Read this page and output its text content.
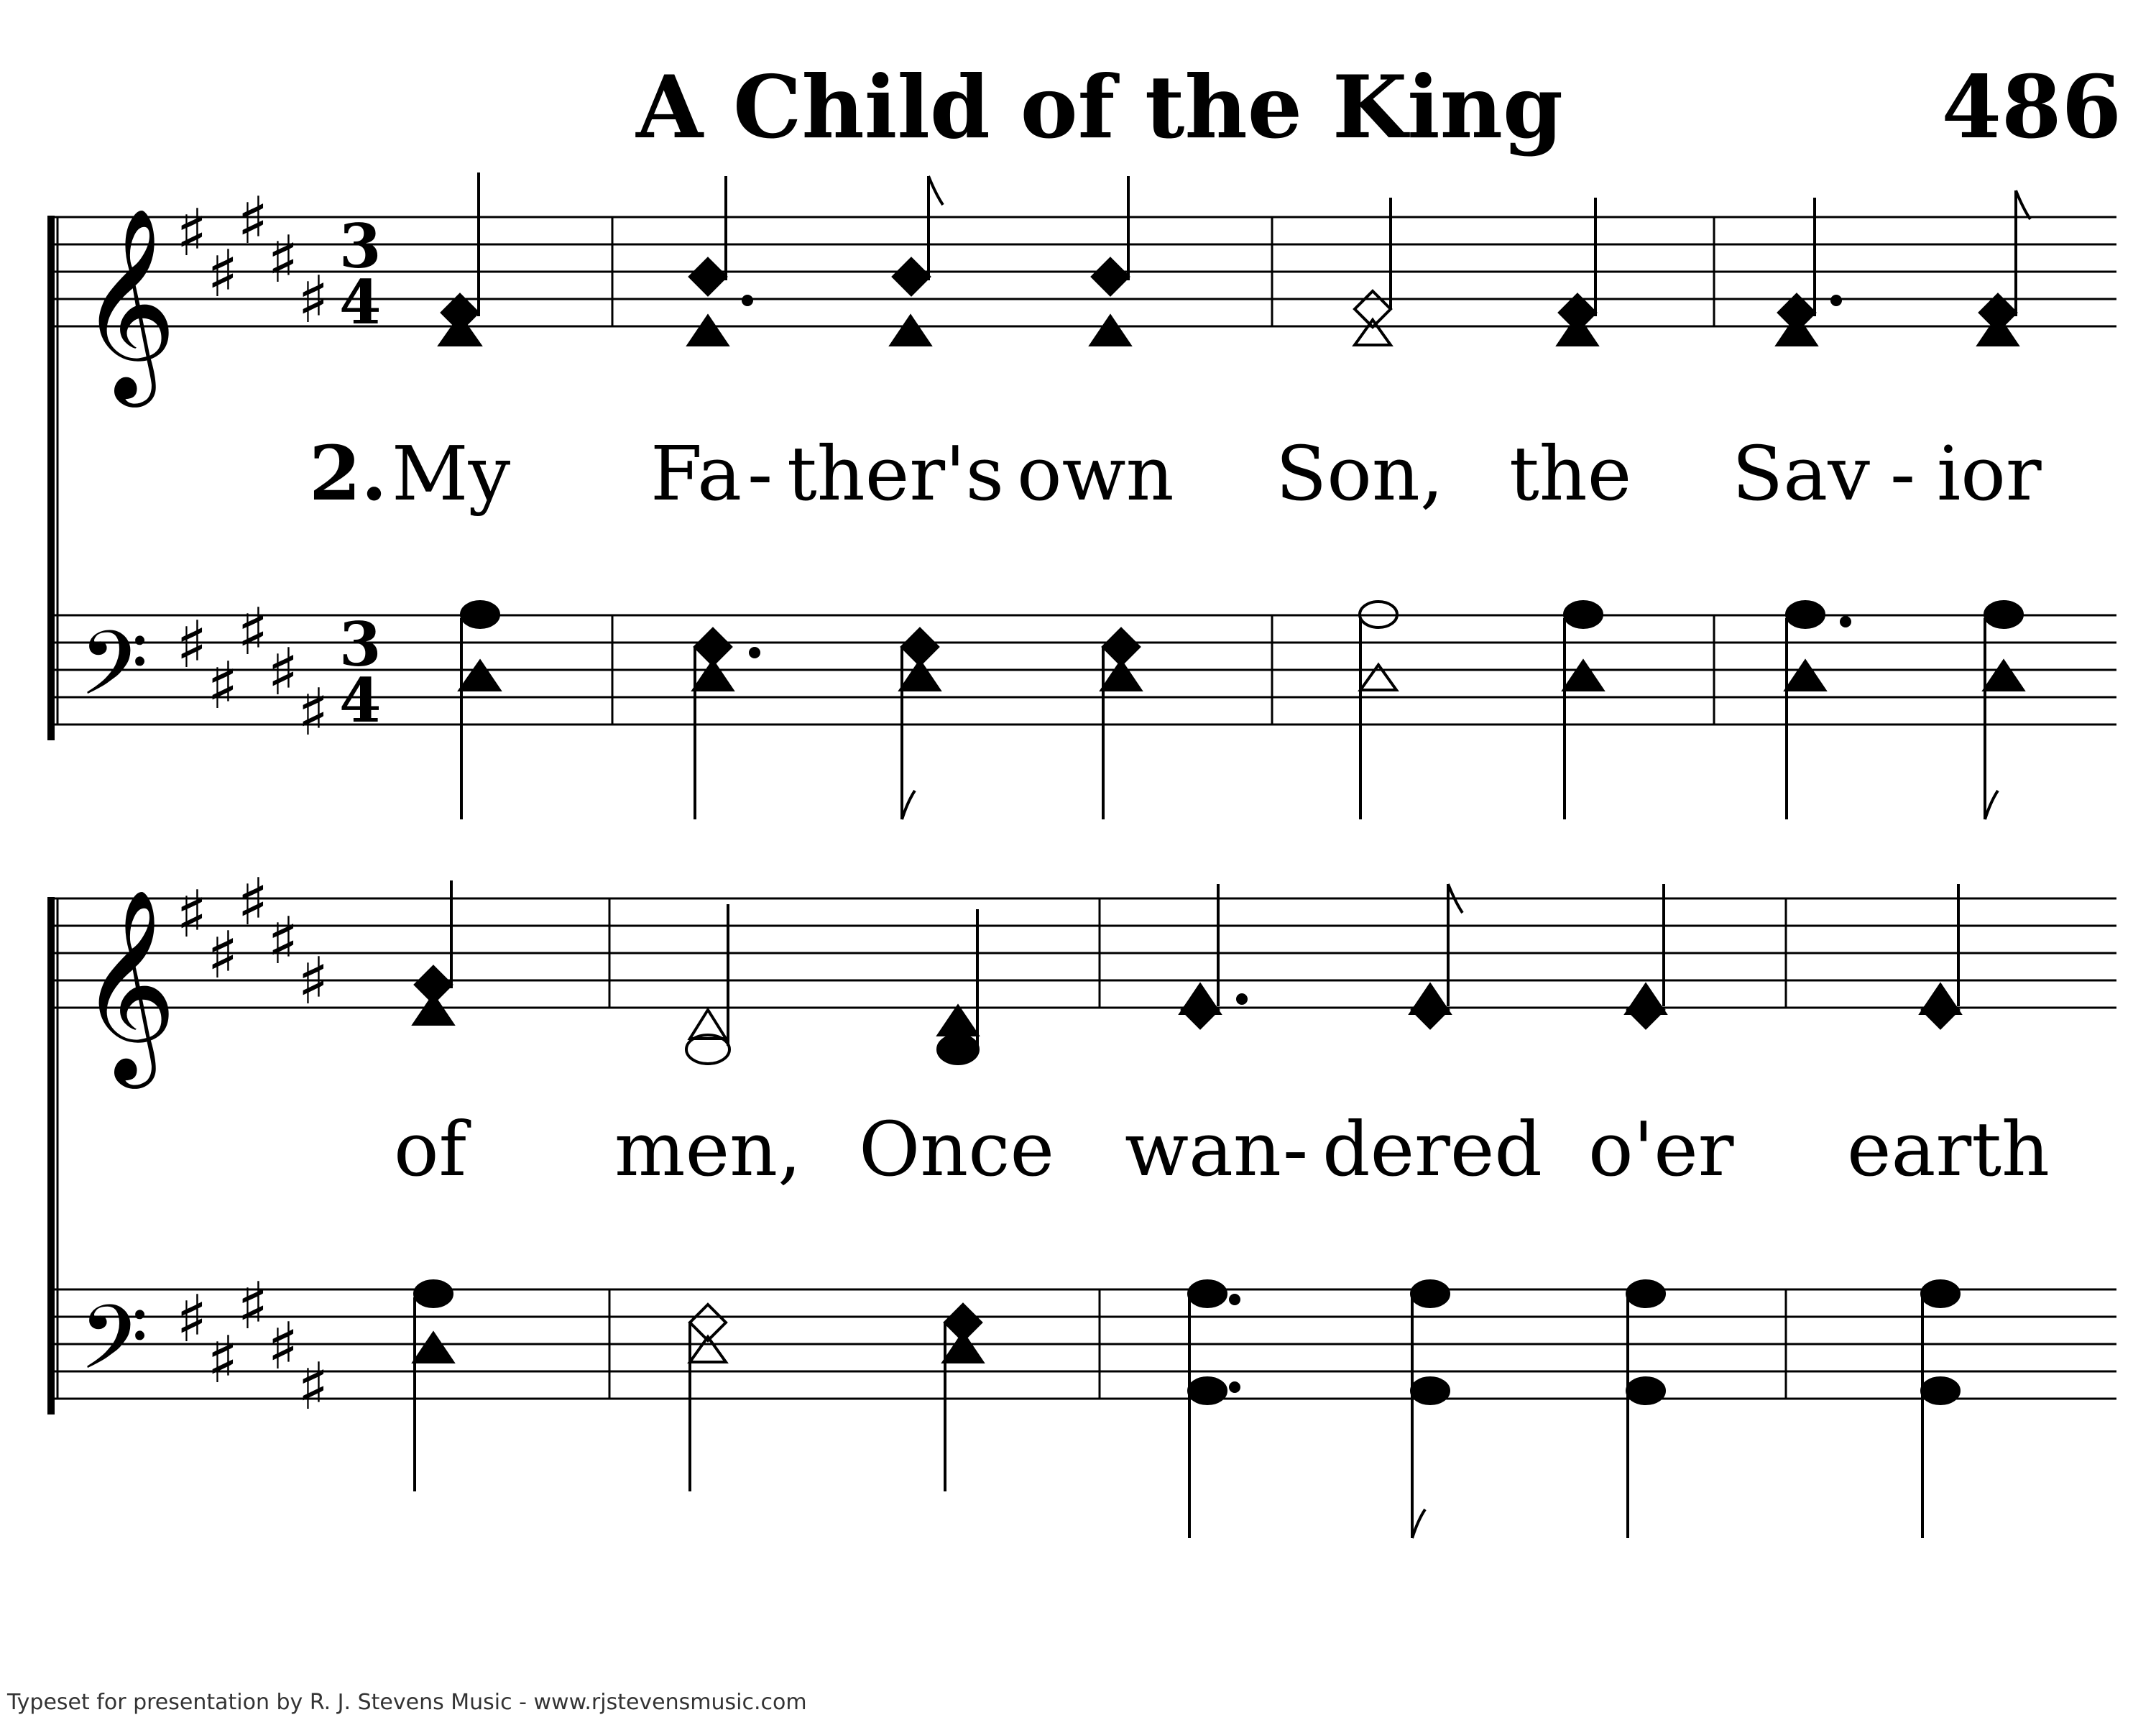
A Child of the King	486
𝄞
𝄢
♯
♯
♯
♯
♯
♯
♯
♯
♯
♯
3
4
3
4
2. My Fa - ther's own Son, the Sav - ior
𝄞
𝄢
♯
♯
♯
♯
♯
♯
♯
♯
♯
♯
of men, Once wan - dered o'er earth
Typeset for presentation by R. J. Stevens Music - www.rjstevensmusic.com
